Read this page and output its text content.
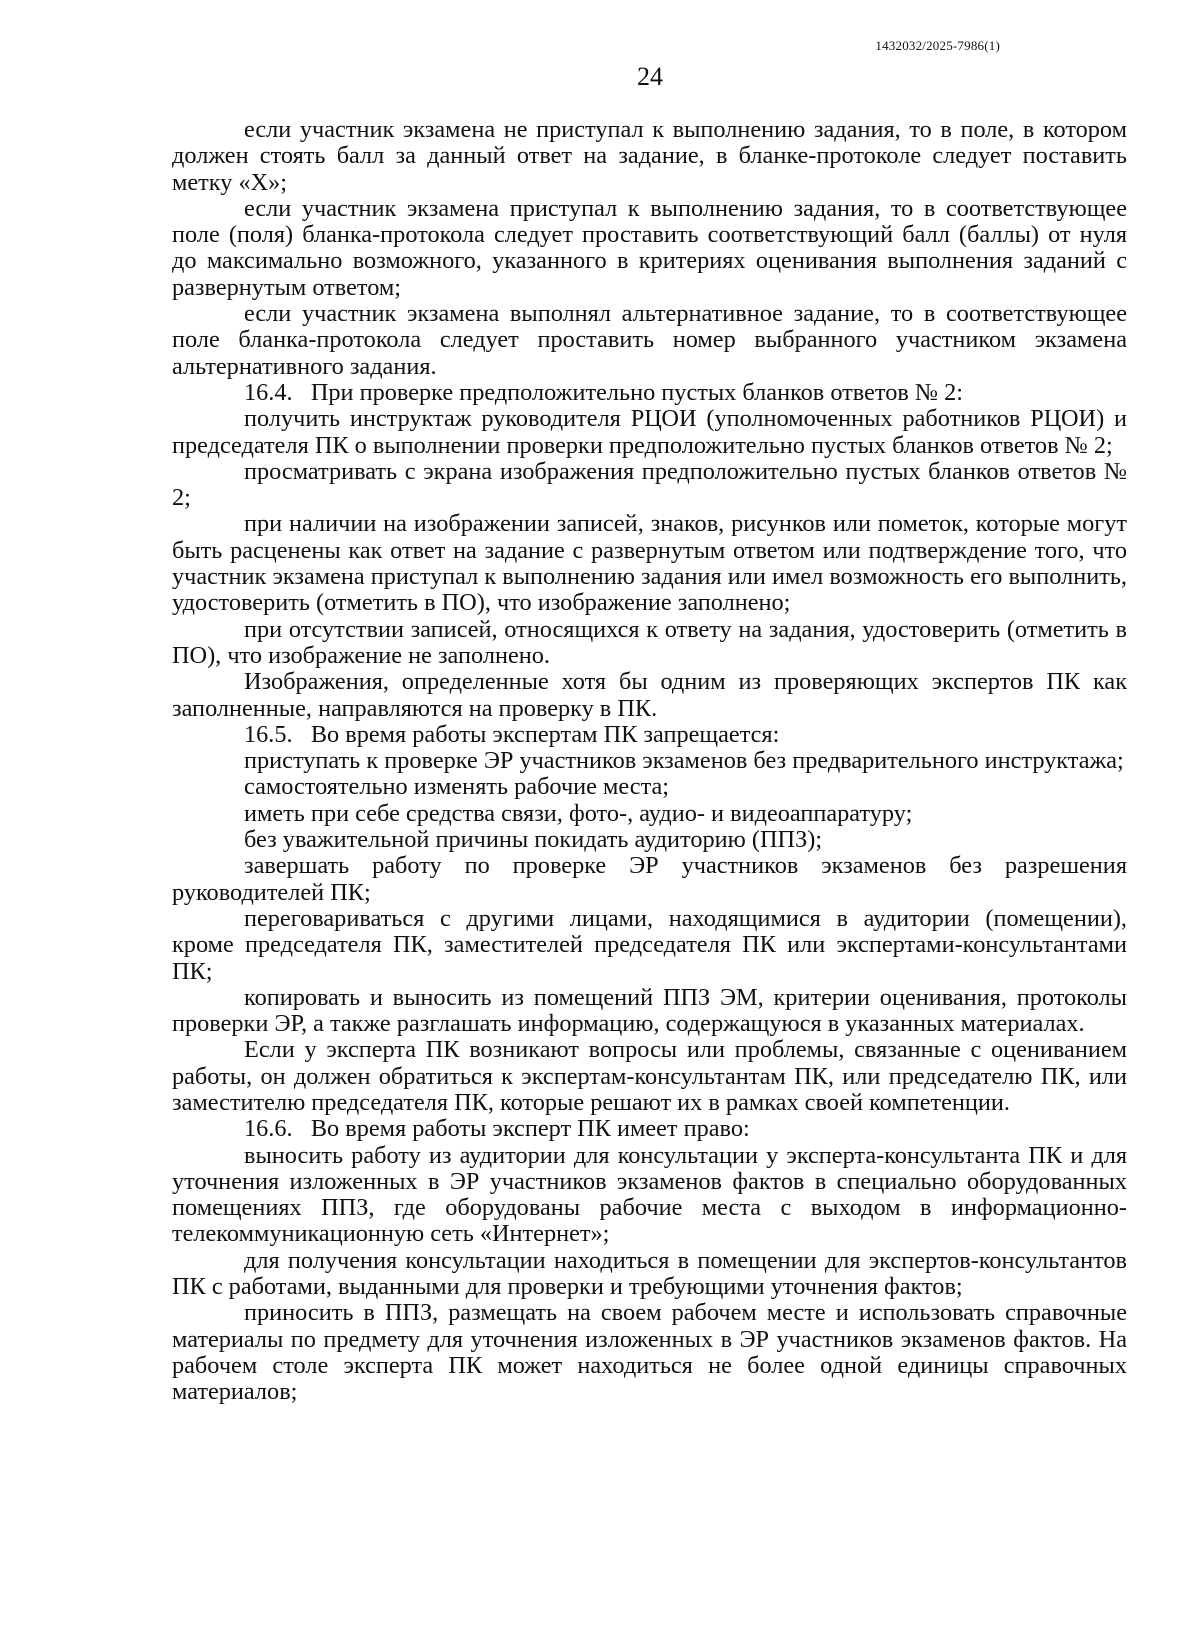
1432032/2025-7986(1)
24

если участник экзамена не приступал к выполнению задания, то в поле, в котором должен стоять балл за данный ответ на задание, в бланке-протоколе следует поставить метку «X»;

если участник экзамена приступал к выполнению задания, то в соответствующее поле (поля) бланка-протокола следует проставить соответствующий балл (баллы) от нуля до максимально возможного, указанного в критериях оценивания выполнения заданий с развернутым ответом;

если участник экзамена выполнял альтернативное задание, то в соответствующее поле бланка-протокола следует проставить номер выбранного участником экзамена альтернативного задания.

16.4.   При проверке предположительно пустых бланков ответов № 2:

получить инструктаж руководителя РЦОИ (уполномоченных работников РЦОИ) и председателя ПК о выполнении проверки предположительно пустых бланков ответов № 2;

просматривать с экрана изображения предположительно пустых бланков ответов № 2;

при наличии на изображении записей, знаков, рисунков или пометок, которые могут быть расценены как ответ на задание с развернутым ответом или подтверждение того, что участник экзамена приступал к выполнению задания или имел возможность его выполнить, удостоверить (отметить в ПО), что изображение заполнено;

при отсутствии записей, относящихся к ответу на задания, удостоверить (отметить в ПО), что изображение не заполнено.

Изображения, определенные хотя бы одним из проверяющих экспертов ПК как заполненные, направляются на проверку в ПК.

16.5.   Во время работы экспертам ПК запрещается:

приступать к проверке ЭР участников экзаменов без предварительного инструктажа;

самостоятельно изменять рабочие места;

иметь при себе средства связи, фото-, аудио- и видеоаппаратуру;

без уважительной причины покидать аудиторию (ППЗ);

завершать работу по проверке ЭР участников экзаменов без разрешения руководителей ПК;

переговариваться с другими лицами, находящимися в аудитории (помещении), кроме председателя ПК, заместителей председателя ПК или экспертами-консультантами ПК;

копировать и выносить из помещений ППЗ ЭМ, критерии оценивания, протоколы проверки ЭР, а также разглашать информацию, содержащуюся в указанных материалах.

Если у эксперта ПК возникают вопросы или проблемы, связанные с оцениванием работы, он должен обратиться к экспертам-консультантам ПК, или председателю ПК, или заместителю председателя ПК, которые решают их в рамках своей компетенции.

16.6.   Во время работы эксперт ПК имеет право:

выносить работу из аудитории для консультации у эксперта-консультанта ПК и для уточнения изложенных в ЭР участников экзаменов фактов в специально оборудованных помещениях ППЗ, где оборудованы рабочие места с выходом в информационно-телекоммуникационную сеть «Интернет»;

для получения консультации находиться в помещении для экспертов-консультантов ПК с работами, выданными для проверки и требующими уточнения фактов;

приносить в ППЗ, размещать на своем рабочем месте и использовать справочные материалы по предмету для уточнения изложенных в ЭР участников экзаменов фактов. На рабочем столе эксперта ПК может находиться не более одной единицы справочных материалов;
